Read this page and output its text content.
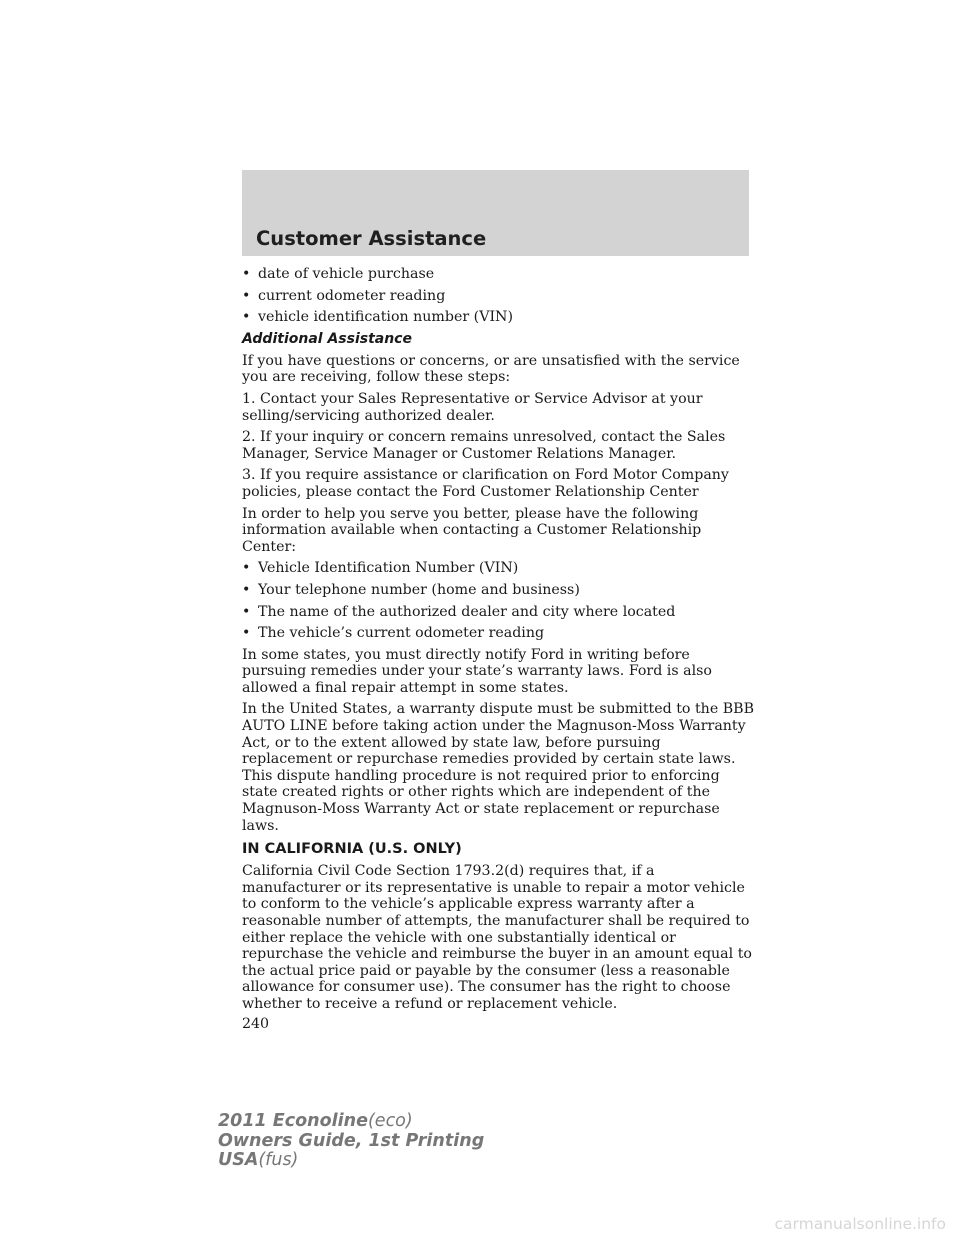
Customer Assistance
• date of vehicle purchase
• current odometer reading
• vehicle identification number (VIN)
Additional Assistance

If you have questions or concerns, or are unsatisfied with the service you are receiving, follow these steps:

1. Contact your Sales Representative or Service Advisor at your selling/servicing authorized dealer.

2. If your inquiry or concern remains unresolved, contact the Sales Manager, Service Manager or Customer Relations Manager.

3. If you require assistance or clarification on Ford Motor Company policies, please contact the Ford Customer Relationship Center

In order to help you serve you better, please have the following information available when contacting a Customer Relationship Center:

• Vehicle Identification Number (VIN)
• Your telephone number (home and business)
• The name of the authorized dealer and city where located
• The vehicle’s current odometer reading

In some states, you must directly notify Ford in writing before pursuing remedies under your state’s warranty laws. Ford is also allowed a final repair attempt in some states.

In the United States, a warranty dispute must be submitted to the BBB AUTO LINE before taking action under the Magnuson-Moss Warranty Act, or to the extent allowed by state law, before pursuing replacement or repurchase remedies provided by certain state laws. This dispute handling procedure is not required prior to enforcing state created rights or other rights which are independent of the Magnuson-Moss Warranty Act or state replacement or repurchase laws.

IN CALIFORNIA (U.S. ONLY)

California Civil Code Section 1793.2(d) requires that, if a manufacturer or its representative is unable to repair a motor vehicle to conform to the vehicle’s applicable express warranty after a reasonable number of attempts, the manufacturer shall be required to either replace the vehicle with one substantially identical or repurchase the vehicle and reimburse the buyer in an amount equal to the actual price paid or payable by the consumer (less a reasonable allowance for consumer use). The consumer has the right to choose whether to receive a refund or replacement vehicle.

240
2011 Econoline(eco)
Owners Guide, 1st Printing
USA(fus)
carmanualsonline.info
